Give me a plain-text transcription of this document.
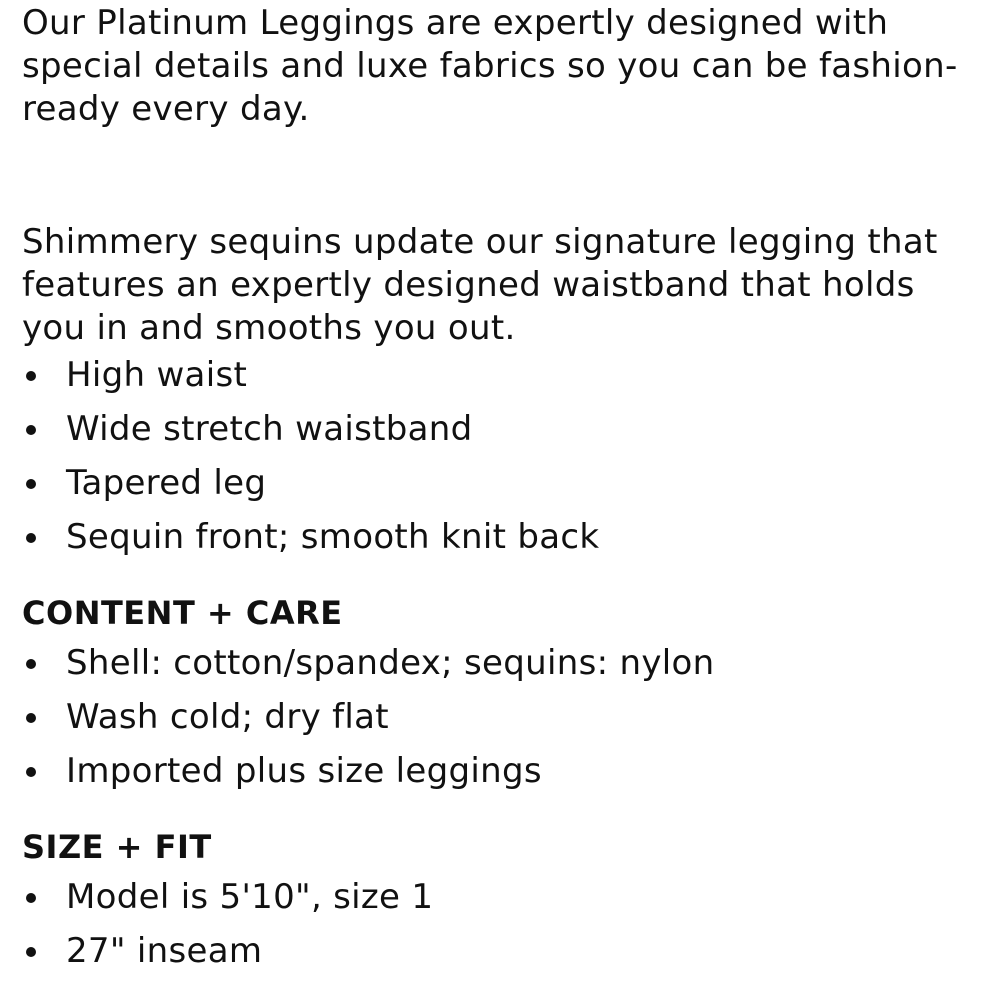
Our Platinum Leggings are expertly designed with special details and luxe fabrics so you can be fashion-ready every day.

Shimmery sequins update our signature legging that features an expertly designed waistband that holds you in and smooths you out.

High waist
Wide stretch waistband
Tapered leg
Sequin front; smooth knit back
CONTENT + CARE
Shell: cotton/spandex; sequins: nylon
Wash cold; dry flat
Imported plus size leggings
SIZE + FIT
Model is 5'10", size 1
27" inseam
